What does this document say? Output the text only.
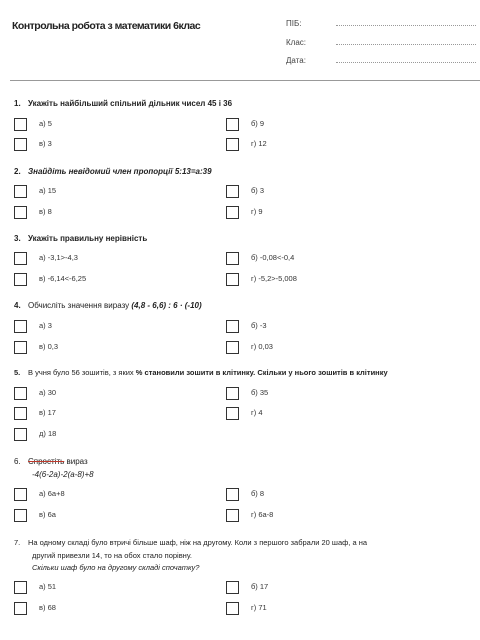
Контрольна робота з математики 6клас	ПІБ:
Клас:
Дата:
1. Укажіть найбільший спільний дільник чисел 45 і 36
а) 5	б) 9
в) 3	г) 12
2. Знайдіть невідомий член пропорції 5:13=а:39
а) 15	б) 3
в) 8	г) 9
3. Укажіть правильну нерівність
а) -3,1>-4,3	б) -0,08<-0,4
в) -6,14<-6,25	г) -5,2>-5,008
4. Обчисліть значення виразу (4,8 - 6,6) : 6 · (-10)
а) 3	б) -3
в) 0,3	г) 0,03
5. В учня було 56 зошитів, з яких % становили зошити в клітинку. Скільки у нього зошитів в клітинку
а) 30	б) 35
в) 17	г) 4
д) 18
6. Спростіть вираз
-4(6-2a)-2(a-8)+8
а) 6а+8	б) 8
в) 6а	г) 6а-8
7. На одному складі було втричі більше шаф, ніж на другому. Коли з першого забрали 20 шаф, а на
другий привезли 14, то на обох стало порівну.
Скільки шаф було на другому складі спочатку?
а) 51	б) 17
в) 68	г) 71
